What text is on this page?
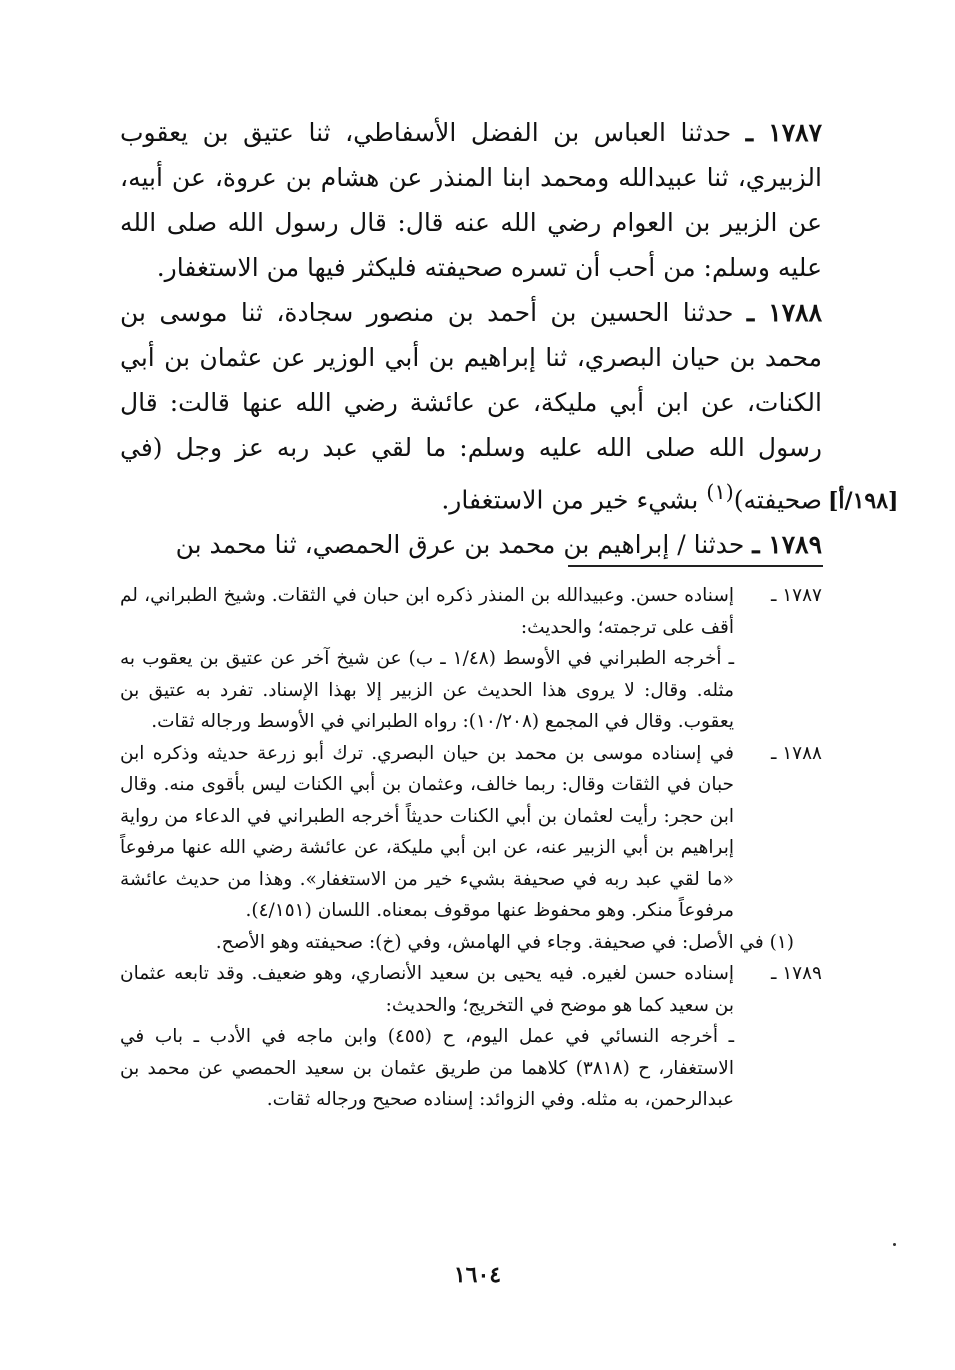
١٧٨٧ ـ حدثنا العباس بن الفضل الأسفاطي، ثنا عتيق بن يعقوب الزبيري، ثنا عبيدالله ومحمد ابنا المنذر عن هشام بن عروة، عن أبيه، عن الزبير بن العوام رضي الله عنه قال: قال رسول الله صلى الله عليه وسلم: من أحب أن تسره صحيفته فليكثر فيها من الاستغفار.

١٧٨٨ ـ حدثنا الحسين بن أحمد بن منصور سجادة، ثنا موسى بن محمد بن حيان البصري، ثنا إبراهيم بن أبي الوزير عن عثمان بن أبي الكنات، عن ابن أبي مليكة، عن عائشة رضي الله عنها قالت: قال رسول الله صلى الله عليه وسلم: ما لقي عبد ربه عز وجل (في صحيفته)$^{(١)}$ بشيء خير من الاستغفار.

١٧٨٩ ـ حدثنا / إبراهيم بن محمد بن عرق الحمصي، ثنا محمد بن

[١٩٨/أ]
١٧٨٧ ـ

إسناده حسن. وعبيدالله بن المنذر ذكره ابن حبان في الثقات. وشيخ الطبراني، لم أقف على ترجمته؛ والحديث:

ـ أخرجه الطبراني في الأوسط (١/٤٨ ـ ب) عن شيخ آخر عن عتيق بن يعقوب به مثله. وقال: لا يروى هذا الحديث عن الزبير إلا بهذا الإسناد. تفرد به عتيق بن يعقوب. وقال في المجمع (١٠/٢٠٨): رواه الطبراني في الأوسط ورجاله ثقات.

١٧٨٨ ـ

في إسناده موسى بن محمد بن حيان البصري. ترك أبو زرعة حديثه وذكره ابن حبان في الثقات وقال: ربما خالف، وعثمان بن أبي الكنات ليس بأقوى منه. وقال ابن حجر: رأيت لعثمان بن أبي الكنات حديثاً أخرجه الطبراني في الدعاء من رواية إبراهيم بن أبي الزبير عنه، عن ابن أبي مليكة، عن عائشة رضي الله عنها مرفوعاً «ما لقي عبد ربه في صحيفة بشيء خير من الاستغفار». وهذا من حديث عائشة مرفوعاً منكر. وهو محفوظ عنها موقوف بمعناه. اللسان (٤/١٥١).

(١) في الأصل: في صحيفة. وجاء في الهامش، وفي (خ): صحيفته وهو الأصح.

١٧٨٩ ـ

إسناده حسن لغيره. فيه يحيى بن سعيد الأنصاري، وهو ضعيف. وقد تابعه عثمان بن سعيد كما هو موضح في التخريج؛ والحديث:

ـ أخرجه النسائي في عمل اليوم، ح (٤٥٥) وابن ماجه في الأدب ـ باب في الاستغفار، ح (٣٨١٨) كلاهما من طريق عثمان بن سعيد الحمصي عن محمد بن عبدالرحمن، به مثله. وفي الزوائد: إسناده صحيح ورجاله ثقات.

١٦٠٤
